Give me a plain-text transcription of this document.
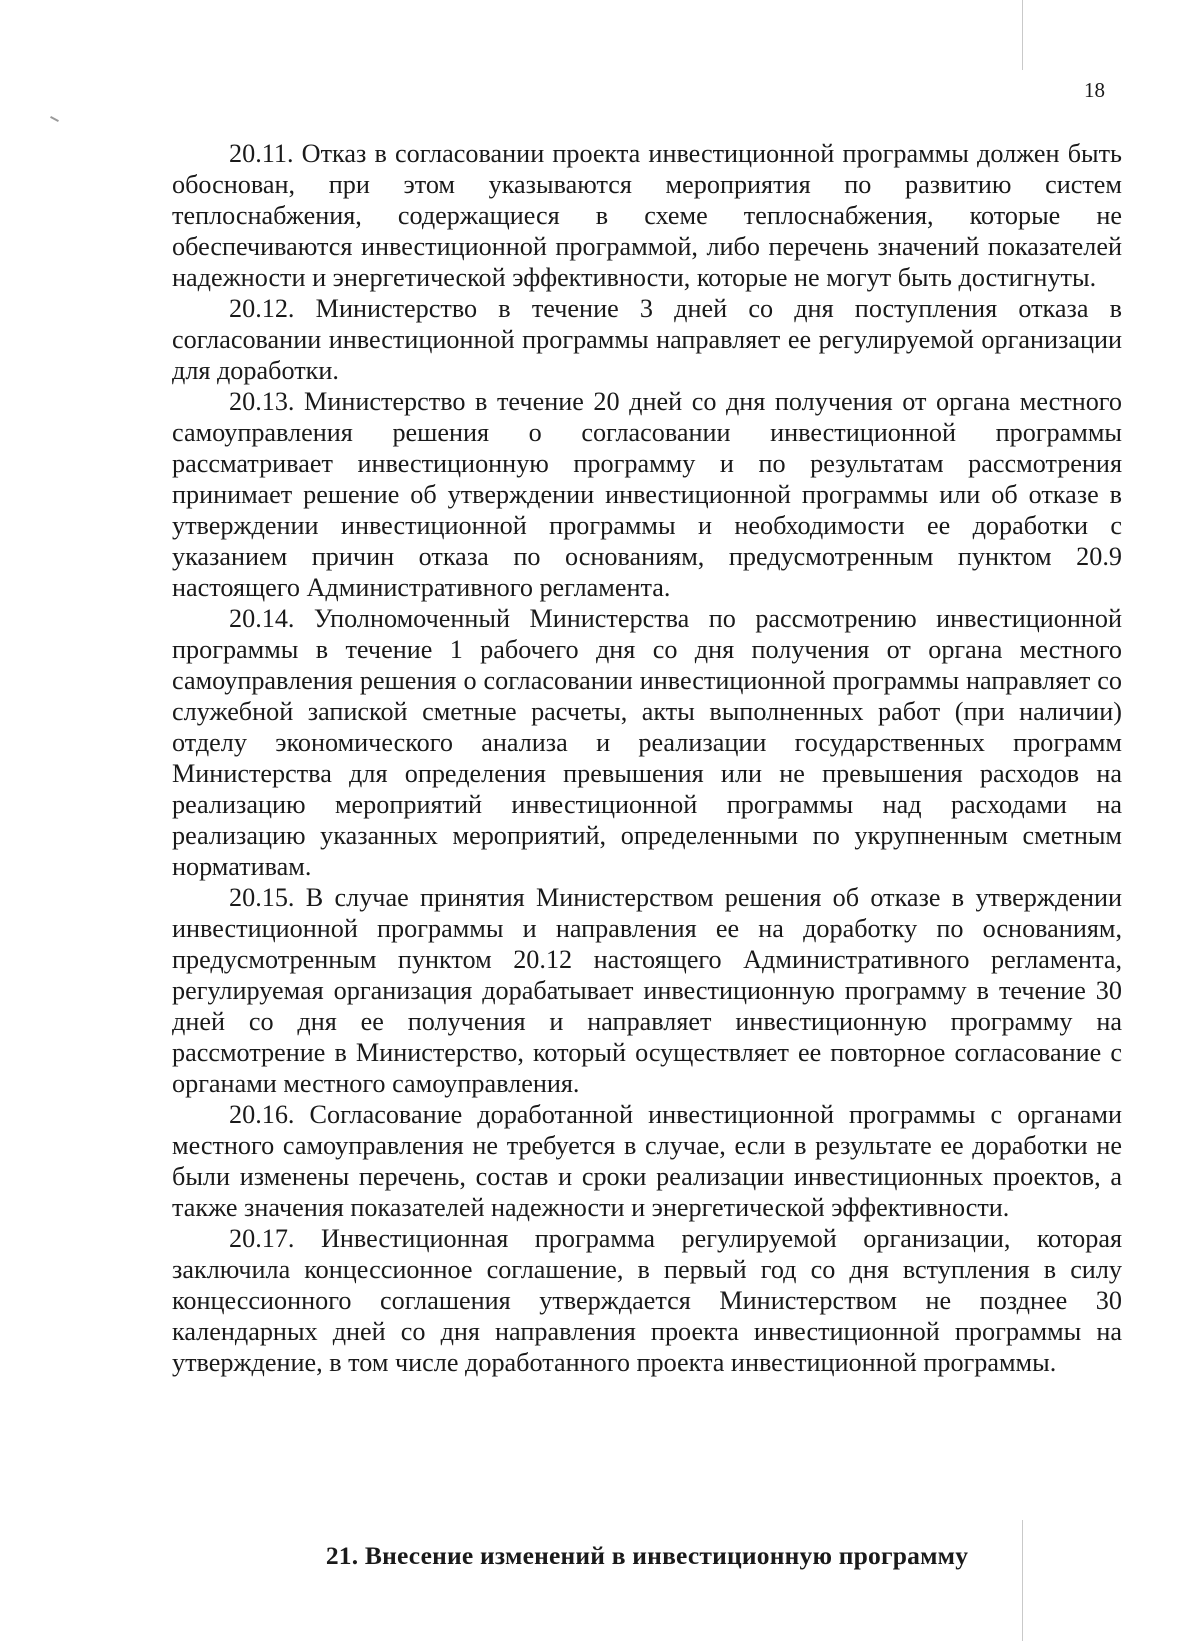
18

20.11. Отказ в согласовании проекта инвестиционной программы должен быть обоснован, при этом указываются мероприятия по развитию систем теплоснабжения, содержащиеся в схеме теплоснабжения, которые не обеспечиваются инвестиционной программой, либо перечень значений показателей надежности и энергетической эффективности, которые не могут быть достигнуты.

20.12. Министерство в течение 3 дней со дня поступления отказа в согласовании инвестиционной программы направляет ее регулируемой организации для доработки.

20.13. Министерство в течение 20 дней со дня получения от органа местного самоуправления решения о согласовании инвестиционной программы рассматривает инвестиционную программу и по результатам рассмотрения принимает решение об утверждении инвестиционной программы или об отказе в утверждении инвестиционной программы и необходимости ее доработки с указанием причин отказа по основаниям, предусмотренным пунктом 20.9 настоящего Административного регламента.

20.14. Уполномоченный Министерства по рассмотрению инвестиционной программы в течение 1 рабочего дня со дня получения от органа местного самоуправления решения о согласовании инвестиционной программы направляет со служебной запиской сметные расчеты, акты выполненных работ (при наличии) отделу экономического анализа и реализации государственных программ Министерства для определения превышения или не превышения расходов на реализацию мероприятий инвестиционной программы над расходами на реализацию указанных мероприятий, определенными по укрупненным сметным нормативам.

20.15. В случае принятия Министерством решения об отказе в утверждении инвестиционной программы и направления ее на доработку по основаниям, предусмотренным пунктом 20.12 настоящего Административного регламента, регулируемая организация дорабатывает инвестиционную программу в течение 30 дней со дня ее получения и направляет инвестиционную программу на рассмотрение в Министерство, который осуществляет ее повторное согласование с органами местного самоуправления.

20.16. Согласование доработанной инвестиционной программы с органами местного самоуправления не требуется в случае, если в результате ее доработки не были изменены перечень, состав и сроки реализации инвестиционных проектов, а также значения показателей надежности и энергетической эффективности.

20.17. Инвестиционная программа регулируемой организации, которая заключила концессионное соглашение, в первый год со дня вступления в силу концессионного соглашения утверждается Министерством не позднее 30 календарных дней со дня направления проекта инвестиционной программы на утверждение, в том числе доработанного проекта инвестиционной программы.

21. Внесение изменений в инвестиционную программу
